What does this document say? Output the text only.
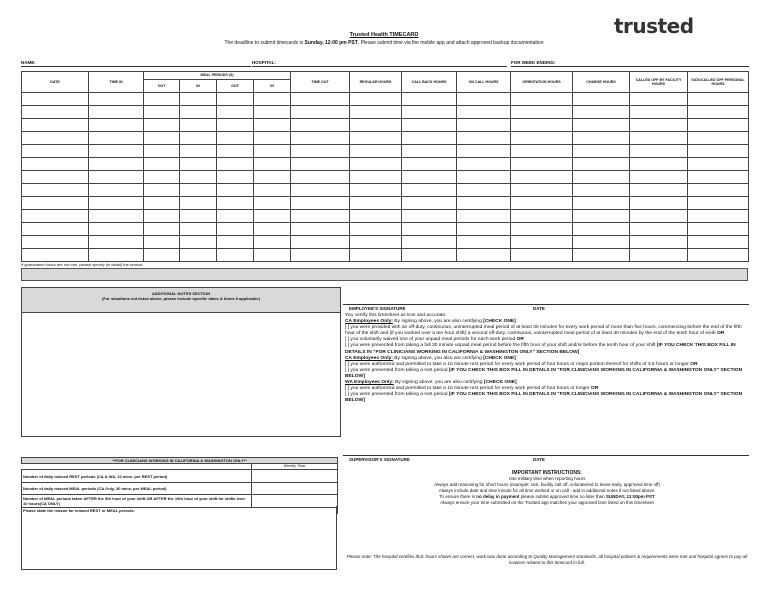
trusted
Trusted Health TIMECARD
The deadline to submit timecards is Sunday, 12:00 pm PST. Please submit time via the mobile app and attach approved backup documentation
NAME:	HOSPITAL:	FOR WEEK ENDING:
DATE	TIME IN	MEAL PERIODS (S)				TIME OUT	REGULAR HOURS	CALL BACK HOURS	ON CALL HOURS	ORIENTATION HOURS	CHARGE HOURS	CALLED OFF BY FACILITY HOURS	SICK/CALLED OFF PERSONAL HOURS
		OUT	IN	OUT	IN								

If guaranteed hours are not met, please specify (in detail) the reason:
ADDITIONAL NOTES SECTION
(For situations not listed above, please include specific dates & times if applicable)
EMPLOYEE'S SIGNATURE	DATE
You certify this timesheet as true and accurate.
CA Employees Only: By signing above, you are also certifying [CHECK ONE]
[ ] you were provided with an off-duty, continuous, uninterrupted meal period of at least 30 minutes for every work period of more than five hours, commencing before the end of the fifth hour of the shift and (if you worked over a ten hour shift) a second off-duty, continuous, uninterrupted meal period of at least 30 minutes by the end of the tenth hour of work OR
[ ] you voluntarily waived one of your unpaid meal periods for each work period OR
[ ] you were prevented from taking a full 30 minute unpaid meal period before the fifth hour of your shift and/or before the tenth hour of your shift [IF YOU CHECK THIS BOX FILL IN DETAILS IN "FOR CLINICIANS WORKING IN CALIFORNIA & WASHINGTON ONLY" SECTION BELOW]
CA Employees Only: By signing above, you also are certifying [CHECK ONE]
[ ] you were authorized and permitted to take a 10 minute rest period for every work period of four hours or major portion thereof for shifts of 3.5 hours or longer OR
[ ] you were prevented from taking a rest period [IF YOU CHECK THIS BOX FILL IN DETAILS IN "FOR CLINICIANS WORKING IN CALIFORNIA & WASHINGTON ONLY" SECTION BELOW]
WA Employees Only: By signing above, you are also certifying [CHECK ONE]
[ ] you were authorized and permitted to take a 10 minute rest period for every work period of four hours or longer OR
[ ] you were prevented from taking a rest period [IF YOU CHECK THIS BOX FILL IN DETAILS IN "FOR CLINICIANS WORKING IN CALIFORNIA & WASHINGTON ONLY" SECTION BELOW]
**FOR CLINICIANS WORKING IN CALIFORNIA & WASHINGTON ONLY**	
	Weekly Total
Number of daily missed REST periods (CA & WA, 10 mins. per REST period)	
Number of daily missed MEAL periods (CA Only, 30 mins. per MEAL period)	
Number of MEAL periods taken AFTER the 5th hour of your shift OR AFTER the 10th hour of your shift for shifts over 10 hours(CA ONLY)	
Please state the reason for missed REST or MEAL periods:	
SUPERVISOR'S SIGNATURE	DATE
IMPORTANT INSTRUCTIONS:
Use military time when reporting hours
Always add reasoning for short hours (example: sick, facility call off, volunteered to leave early, approved time off)
Always include date and time in/outs for all time worked or on call - add in additional notes if not listed above.
To ensure there is no delay in payment please submit approved time no later than SUNDAY, 12:00pm PST
Always ensure your time submitted on the Trusted app matches your approved time listed on this timesheet
Please note: The hospital certifies that: hours shown are correct, work was done according to Quality Management standards, all hospital policies & requirements were met and hospital agrees to pay all invoices related to this timecard in full.
